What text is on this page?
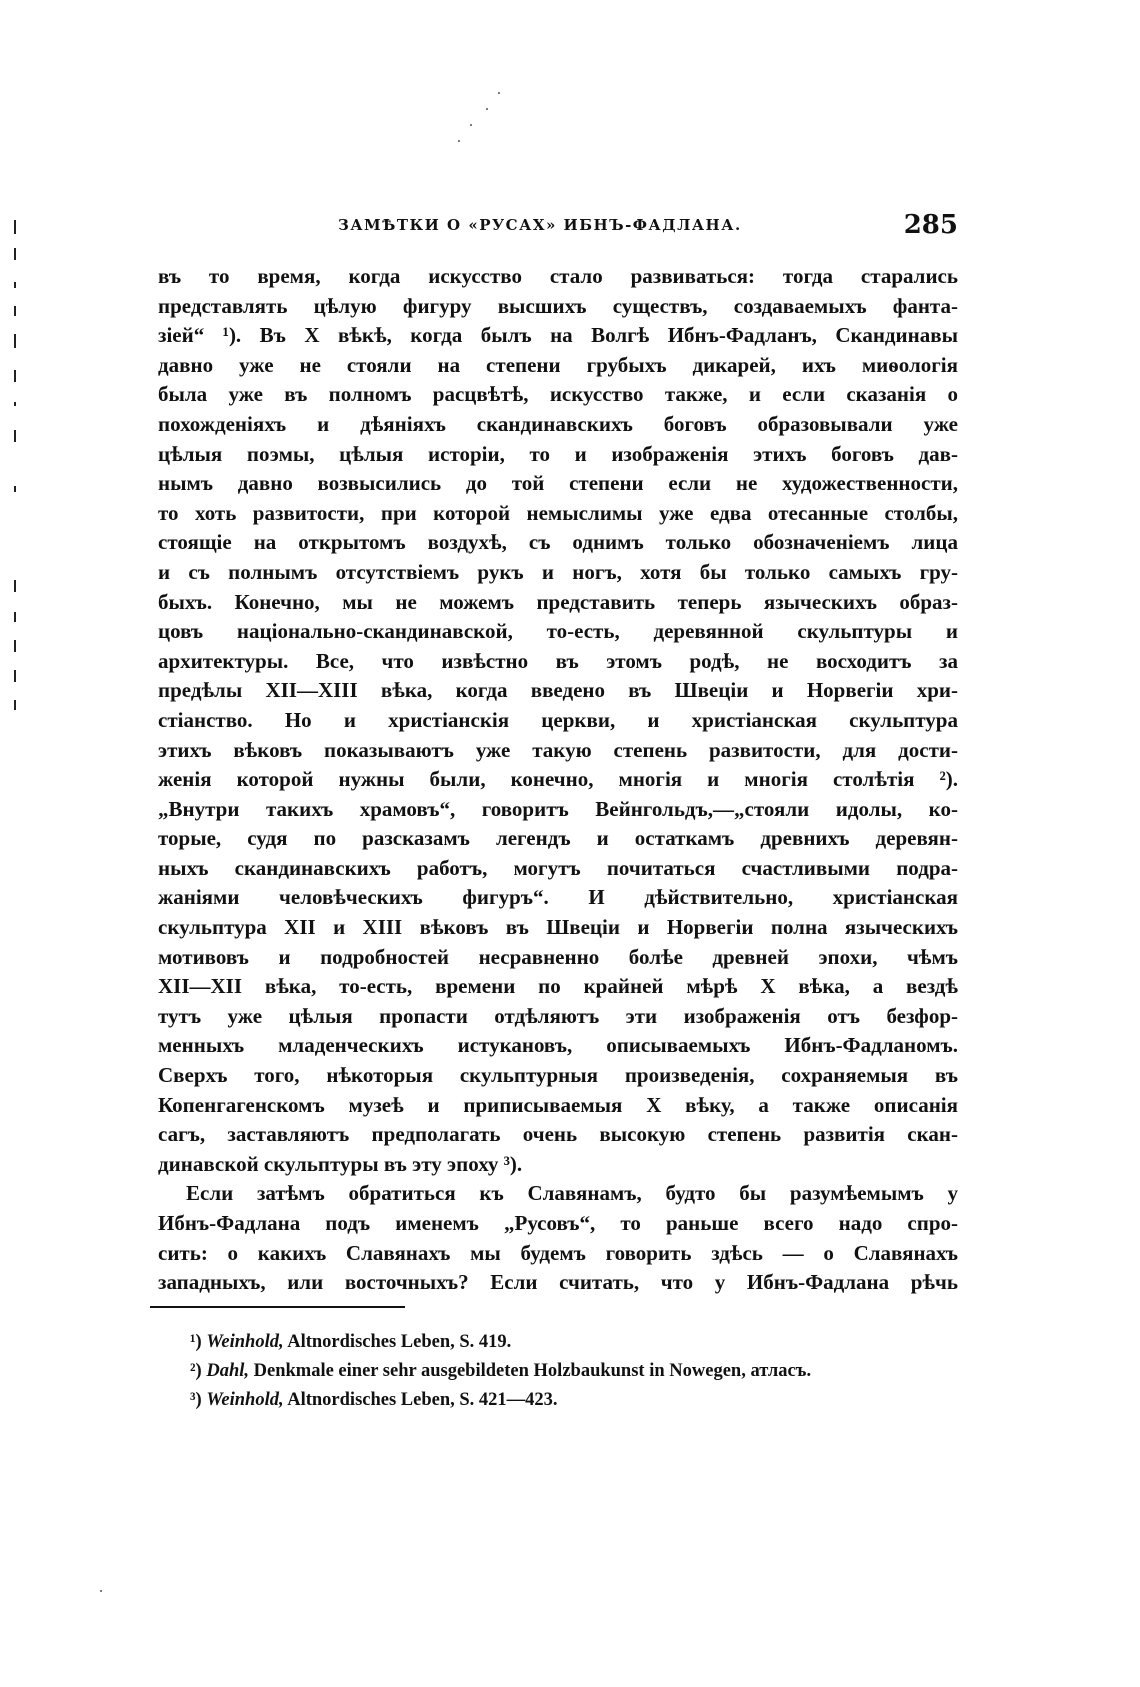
ЗАМѢТКИ О «РУСАХ» ИБНЪ-ФАДЛАНА.	285
въ то время, когда искусство стало развиваться: тогда старались
представлять цѣлую фигуру высшихъ существъ, создаваемыхъ фанта-
зіей“ ¹). Въ X вѣкѣ, когда былъ на Волгѣ Ибнъ-Фадланъ, Скандинавы
давно уже не стояли на степени грубыхъ дикарей, ихъ миѳологія
была уже въ полномъ расцвѣтѣ, искусство также, и если сказанія о
похожденіяхъ и дѣяніяхъ скандинавскихъ боговъ образовывали уже
цѣлыя поэмы, цѣлыя исторіи, то и изображенія этихъ боговъ дав-
нымъ давно возвысились до той степени если не художественности,
то хоть развитости, при которой немыслимы уже едва отесанные столбы,
стоящіе на открытомъ воздухѣ, съ однимъ только обозначеніемъ лица
и съ полнымъ отсутствіемъ рукъ и ногъ, хотя бы только самыхъ гру-
быхъ. Конечно, мы не можемъ представить теперь языческихъ образ-
цовъ національно-скандинавской, то-есть, деревянной скульптуры и
архитектуры. Все, что извѣстно въ этомъ родѣ, не восходитъ за
предѣлы XII—XIII вѣка, когда введено въ Швеціи и Норвегіи хри-
стіанство. Но и христіанскія церкви, и христіанская скульптура
этихъ вѣковъ показываютъ уже такую степень развитости, для дости-
женія которой нужны были, конечно, многія и многія столѣтія ²).
„Внутри такихъ храмовъ“, говоритъ Вейнгольдъ,—„стояли идолы, ко-
торые, судя по разсказамъ легендъ и остаткамъ древнихъ деревян-
ныхъ скандинавскихъ работъ, могутъ почитаться счастливыми подра-
жаніями человѣческихъ фигуръ“. И дѣйствительно, христіанская
скульптура XII и XIII вѣковъ въ Швеціи и Норвегіи полна языческихъ
мотивовъ и подробностей несравненно болѣе древней эпохи, чѣмъ
XII—XII вѣка, то-есть, времени по крайней мѣрѣ X вѣка, а вездѣ
тутъ уже цѣлыя пропасти отдѣляютъ эти изображенія отъ безфор-
менныхъ младенческихъ истукановъ, описываемыхъ Ибнъ-Фадланомъ.
Сверхъ того, нѣкоторыя скульптурныя произведенія, сохраняемыя въ
Копенгагенскомъ музеѣ и приписываемыя X вѣку, а также описанія
сагъ, заставляютъ предполагать очень высокую степень развитія скан-
динавской скульптуры въ эту эпоху ³).
Если затѣмъ обратиться къ Славянамъ, будто бы разумѣемымъ у
Ибнъ-Фадлана подъ именемъ „Русовъ“, то раньше всего надо спро-
сить: о какихъ Славянахъ мы будемъ говорить здѣсь — о Славянахъ
западныхъ, или восточныхъ? Если считать, что у Ибнъ-Фадлана рѣчь
¹) Weinhold, Altnordisches Leben, S. 419.
²) Dahl, Denkmale einer sehr ausgebildeten Holzbaukunst in Nowegen, атласъ.
³) Weinhold, Altnordisches Leben, S. 421—423.
